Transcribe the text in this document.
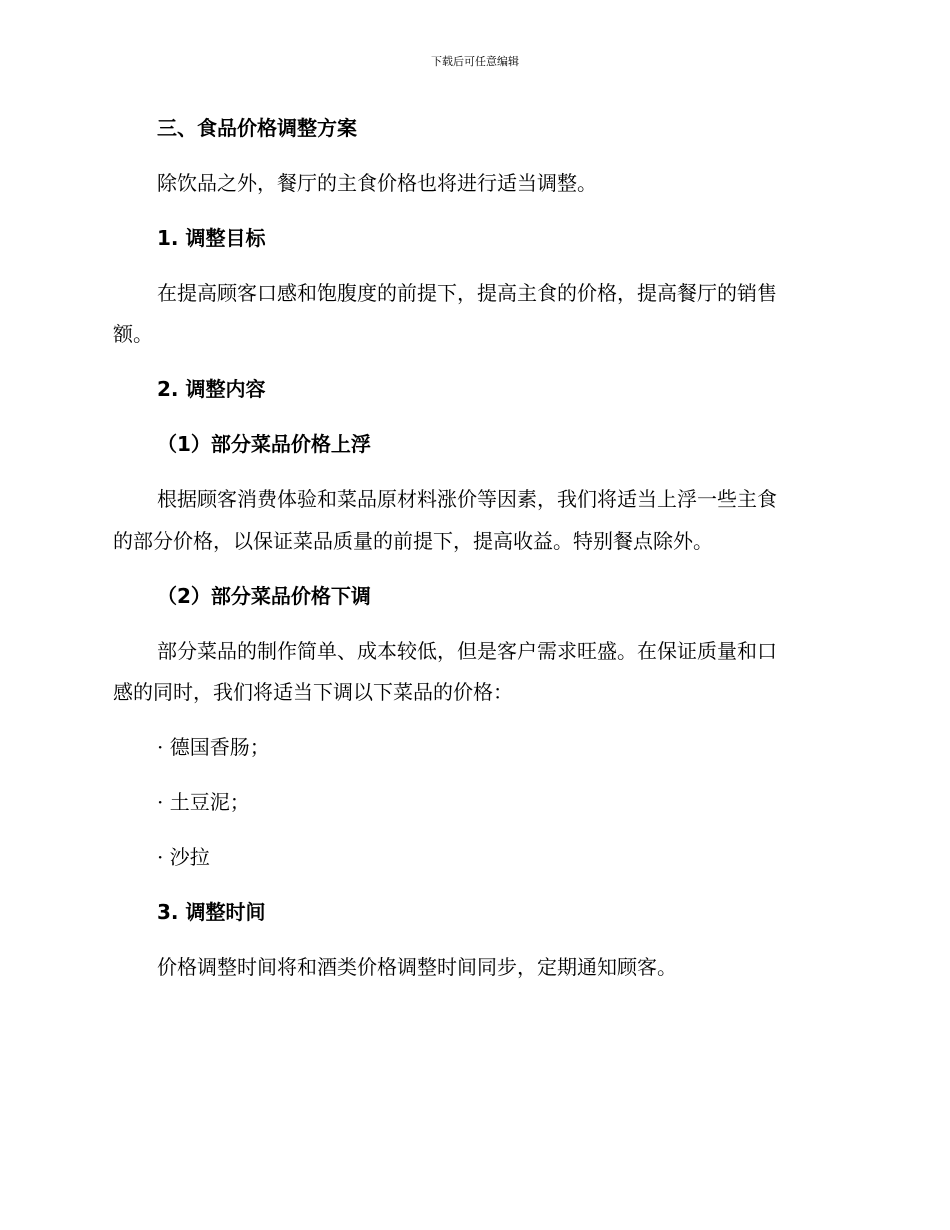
下载后可任意编辑
三、食品价格调整方案
除饮品之外，餐厅的主食价格也将进行适当调整。
1. 调整目标
在提高顾客口感和饱腹度的前提下，提高主食的价格，提高餐厅的销售
额。
2. 调整内容
（1）部分菜品价格上浮
根据顾客消费体验和菜品原材料涨价等因素，我们将适当上浮一些主食
的部分价格，以保证菜品质量的前提下，提高收益。特别餐点除外。
（2）部分菜品价格下调
部分菜品的制作简单、成本较低，但是客户需求旺盛。在保证质量和口
感的同时，我们将适当下调以下菜品的价格：
· 德国香肠；
· 土豆泥；
· 沙拉
3. 调整时间
价格调整时间将和酒类价格调整时间同步，定期通知顾客。
